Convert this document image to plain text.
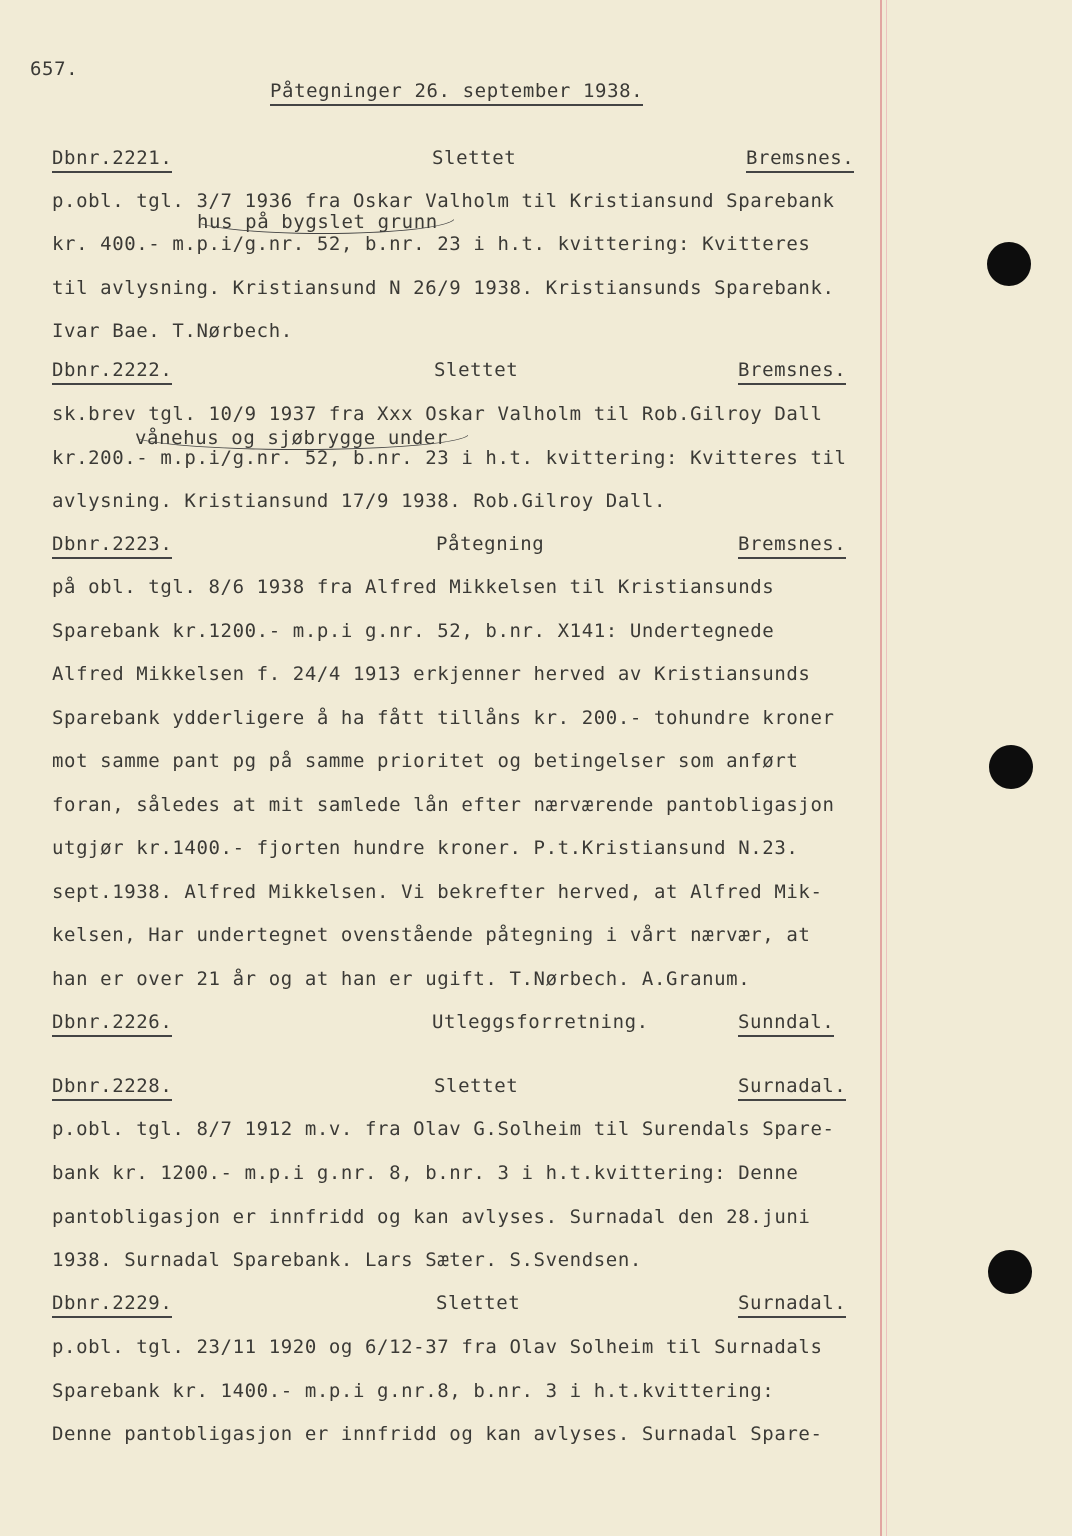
657.
Påtegninger 26. september 1938.
Dbnr.2221.	Slettet	Bremsnes.
p.obl. tgl. 3/7 1936 fra Oskar Valholm til Kristiansund Sparebank
kr. 400.- m.p.i/g.nr. 52, b.nr. 23 i h.t. kvittering: Kvitteres
til avlysning. Kristiansund N 26/9 1938. Kristiansunds Sparebank.
Ivar Bae. T.Nørbech.
hus på bygslet grunn
Dbnr.2222.	Slettet	Bremsnes.
sk.brev tgl. 10/9 1937 fra Xxx Oskar Valholm til Rob.Gilroy Dall
kr.200.- m.p.i/g.nr. 52, b.nr. 23 i h.t. kvittering: Kvitteres til
avlysning. Kristiansund 17/9 1938. Rob.Gilroy Dall.
vånehus og sjøbrygge under
Dbnr.2223.	Påtegning	Bremsnes.
på obl. tgl. 8/6 1938 fra Alfred Mikkelsen til Kristiansunds
Sparebank kr.1200.- m.p.i g.nr. 52, b.nr. X141: Undertegnede
Alfred Mikkelsen f. 24/4 1913 erkjenner herved av Kristiansunds
Sparebank ydderligere å ha fått tillåns kr. 200.- tohundre kroner
mot samme pant pg på samme prioritet og betingelser som anført
foran, således at mit samlede lån efter nærværende pantobligasjon
utgjør kr.1400.- fjorten hundre kroner. P.t.Kristiansund N.23.
sept.1938. Alfred Mikkelsen. Vi bekrefter herved, at Alfred Mik-
kelsen, Har undertegnet ovenstående påtegning i vårt nærvær, at
han er over 21 år og at han er ugift. T.Nørbech. A.Granum.
Dbnr.2226.	Utleggsforretning.	Sunndal.
Dbnr.2228.	Slettet	Surnadal.
p.obl. tgl. 8/7 1912 m.v. fra Olav G.Solheim til Surendals Spare-
bank kr. 1200.- m.p.i g.nr. 8, b.nr. 3 i h.t.kvittering: Denne
pantobligasjon er innfridd og kan avlyses. Surnadal den 28.juni
1938. Surnadal Sparebank. Lars Sæter. S.Svendsen.
Dbnr.2229.	Slettet	Surnadal.
p.obl. tgl. 23/11 1920 og 6/12-37 fra Olav Solheim til Surnadals
Sparebank kr. 1400.- m.p.i g.nr.8, b.nr. 3 i h.t.kvittering:
Denne pantobligasjon er innfridd og kan avlyses. Surnadal Spare-
